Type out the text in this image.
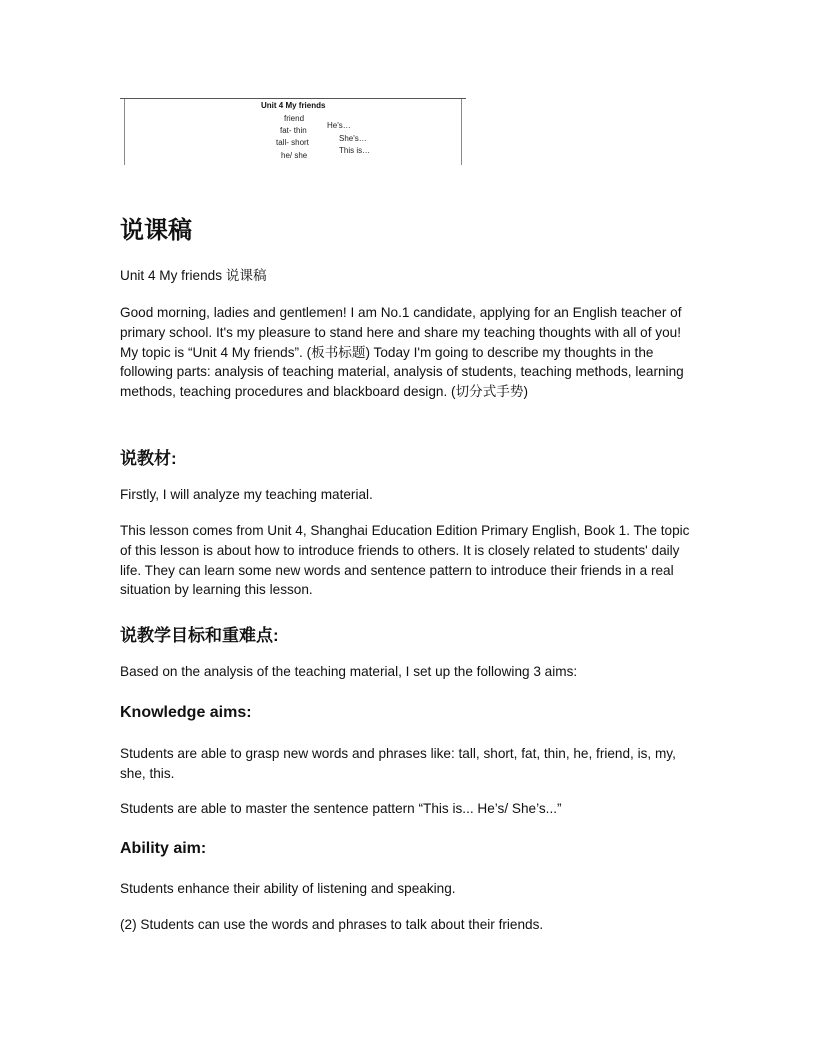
Unit 4 My friends
friend
fat- thin
tall- short
he/ she
He's…
She's…
This is…
说课稿

Unit 4 My friends 说课稿

Good morning, ladies and gentlemen! I am No.1 candidate, applying for an English teacher of primary school. It's my pleasure to stand here and share my teaching thoughts with all of you! My topic is “Unit 4 My friends”. (板书标题) Today I'm going to describe my thoughts in the following parts: analysis of teaching material, analysis of students, teaching methods, learning methods, teaching procedures and blackboard design. (切分式手势)

说教材:

Firstly, I will analyze my teaching material.

This lesson comes from Unit 4, Shanghai Education Edition Primary English, Book 1. The topic of this lesson is about how to introduce friends to others. It is closely related to students' daily life. They can learn some new words and sentence pattern to introduce their friends in a real situation by learning this lesson.

说教学目标和重难点:

Based on the analysis of the teaching material, I set up the following 3 aims:

Knowledge aims:

Students are able to grasp new words and phrases like: tall, short, fat, thin, he, friend, is, my, she, this.

Students are able to master the sentence pattern “This is... He’s/ She’s...”

Ability aim:

Students enhance their ability of listening and speaking.

(2) Students can use the words and phrases to talk about their friends.
